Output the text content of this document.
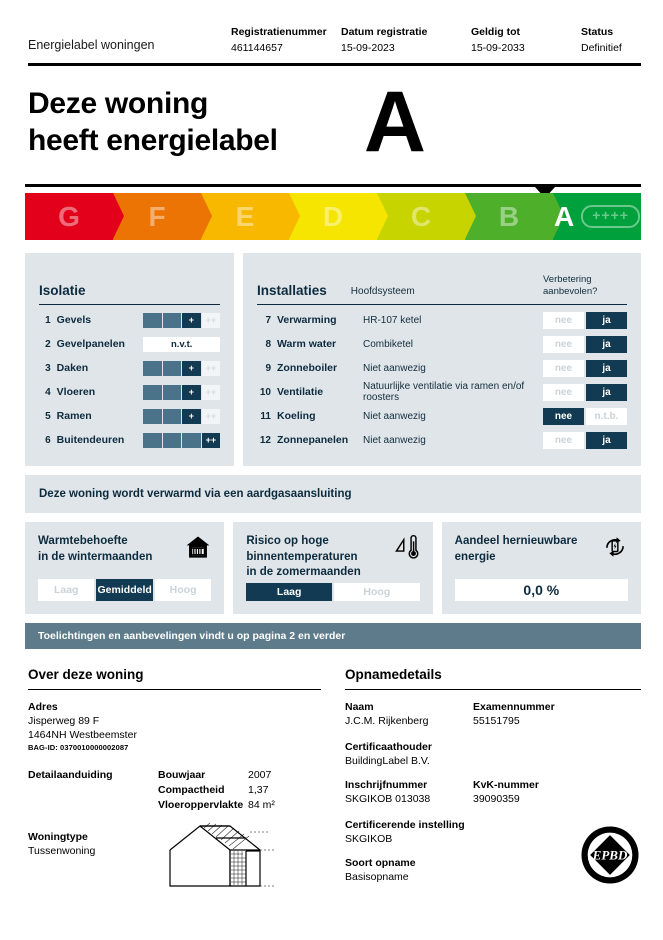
Energielabel woningen
Registratienummer
461144657
Datum registratie
15-09-2023
Geldig tot
15-09-2033
Status
Definitief
Deze woning
heeft energielabel	A
G F	E D C B A	++++
Isolatie
1 Gevels	+	++
2 Gevelpanelen	n.v.t.
3 Daken	+	++
4 Vloeren	+	++
5 Ramen	+	++
6 Buitendeuren	++
Installaties Hoofdsysteem
Verbetering
aanbevolen?
7 Verwarming	HR-107 ketel	nee	ja
8 Warm water	Combiketel	nee	ja
9 Zonneboiler	Niet aanwezig	nee	ja
10 Ventilatie	Natuurlijke ventilatie via ramen en/of roosters	nee	ja
11 Koeling	Niet aanwezig	nee	n.t.b.
12 Zonnepanelen	Niet aanwezig	nee	ja
Deze woning wordt verwarmd via een aardgasaansluiting
Warmtebehoefte
in de wintermaanden
Laag	Gemiddeld	Hoog
Risico op hoge
binnentemperaturen
in de zomermaanden
Laag	Hoog
Aandeel hernieuwbare
energie
0,0 %
Toelichtingen en aanbevelingen vindt u op pagina 2 en verder
Over deze woning
Adres
Jisperweg 89 F
1464NH Westbeemster
BAG-ID: 0370010000002087
Detailaanduiding	Bouwjaar	2007
Compactheid	1,37
Vloeroppervlakte 84 m²
Woningtype
Tussenwoning
Opnamedetails
Naam
J.C.M. Rijkenberg
Examennummer
55151795
Certificaathouder
BuildingLabel B.V.
Inschrijfnummer
SKGIKOB 013038
KvK-nummer
39090359
Certificerende instelling
SKGIKOB
Soort opname
Basisopname
EPBD
